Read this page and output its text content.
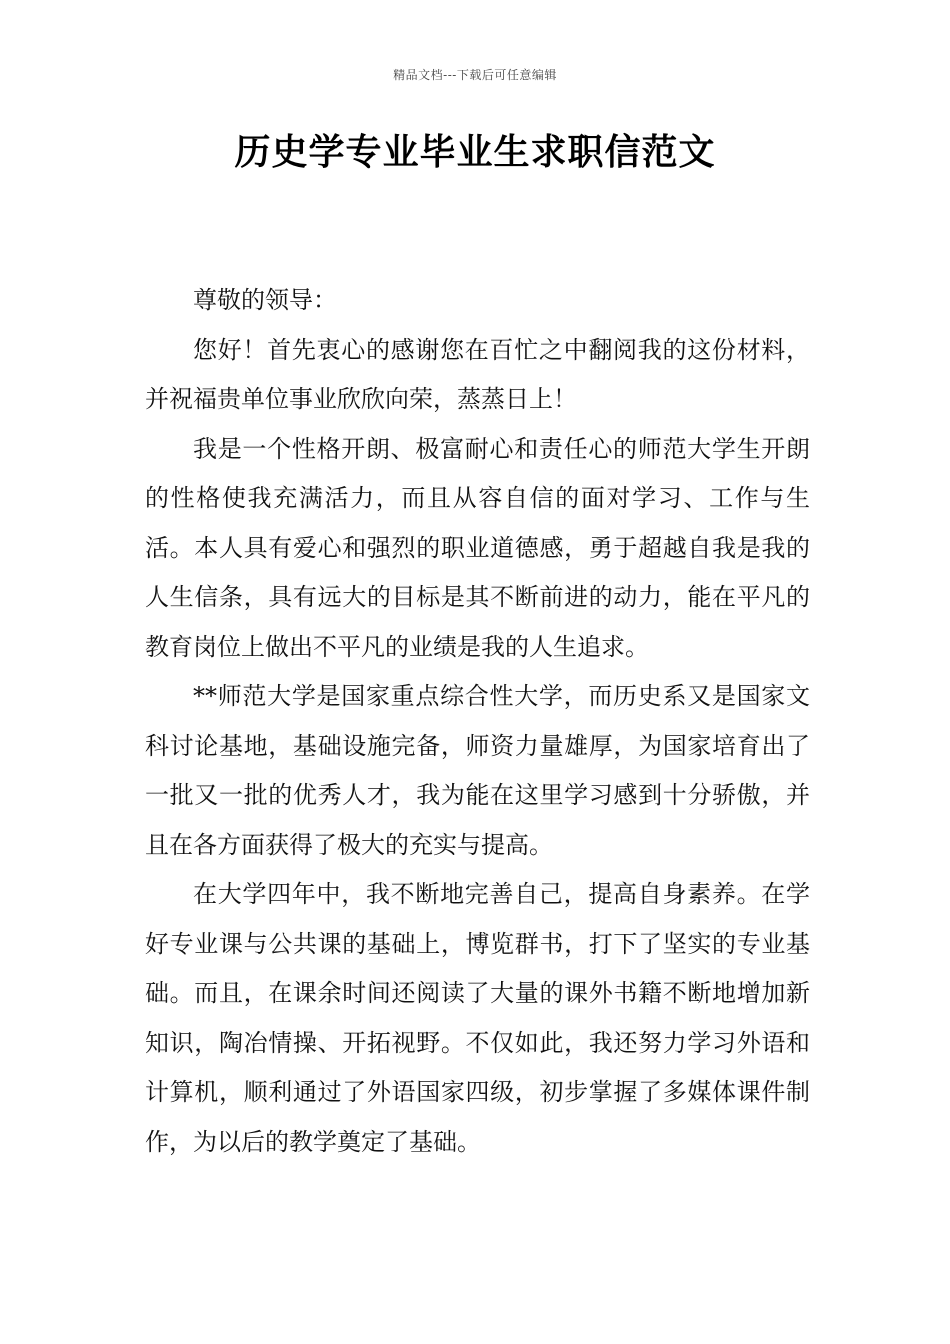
精品文档---下载后可任意编辑
历史学专业毕业生求职信范文

尊敬的领导：

您好！首先衷心的感谢您在百忙之中翻阅我的这份材料，并祝福贵单位事业欣欣向荣，蒸蒸日上！

我是一个性格开朗、极富耐心和责任心的师范大学生开朗的性格使我充满活力，而且从容自信的面对学习、工作与生活。本人具有爱心和强烈的职业道德感，勇于超越自我是我的人生信条，具有远大的目标是其不断前进的动力，能在平凡的教育岗位上做出不平凡的业绩是我的人生追求。

**师范大学是国家重点综合性大学，而历史系又是国家文科讨论基地，基础设施完备，师资力量雄厚，为国家培育出了一批又一批的优秀人才，我为能在这里学习感到十分骄傲，并且在各方面获得了极大的充实与提高。

在大学四年中，我不断地完善自己，提高自身素养。在学好专业课与公共课的基础上，博览群书，打下了坚实的专业基础。而且，在课余时间还阅读了大量的课外书籍不断地增加新知识，陶冶情操、开拓视野。不仅如此，我还努力学习外语和计算机，顺利通过了外语国家四级，初步掌握了多媒体课件制作，为以后的教学奠定了基础。
